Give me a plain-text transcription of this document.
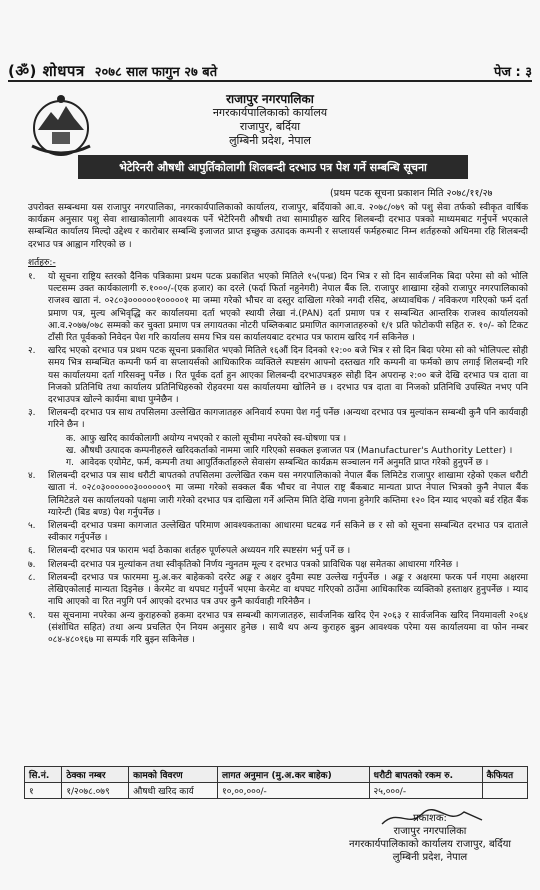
(ॐ) शोधपत्र २०७८ साल फागुन २७ बते	पेज : ३
राजापुर नगरपालिका
नगरकार्यपालिकाको कार्यालय
राजापुर, बर्दिया
लुम्बिनी प्रदेश, नेपाल
भेटेरिनरी औषधी आपुर्तिकोलागी शिलबन्दी दरभाउ पत्र पेश गर्ने सम्बन्धि सूचना
(प्रथम पटक सूचना प्रकाशन मिति २०७८/११/२७

उपरोक्त सम्बन्धमा यस राजापुर नगरपालिका, नगरकार्यपालिकाको कार्यालय, राजापुर, बर्दियाको आ.व. २०७८/०७९ को पशु सेवा तर्फको स्वीकृत वार्षिक कार्यक्रम अनुसार पशु सेवा शाखाकोलागी आवश्यक पर्ने भेटेरिनरी औषधी तथा सामाग्रीहरु खरिद शिलबन्दी दरभाउ पत्रको माध्यमबाट गर्नुपर्ने भएकाले सम्बन्धित कार्यालय मिल्दो उद्देश्य र कारोबार सम्बन्धि इजाजत प्राप्त इच्छुक उत्पादक कम्पनी र सप्लायर्स फर्महरुबाट निम्न शर्तहरुको अधिनमा रहि शिलबन्दी दरभाउ पत्र आह्वान गरिएको छ ।

शर्तहरु:-

१. यो सूचना राष्ट्रिय स्तरको दैनिक पत्रिकामा प्रथम पटक प्रकाशित भएको मितिले १५(पन्ध्र) दिन भित्र र सो दिन सार्वजनिक बिदा परेमा सो को भोलि पल्टसम्म उक्त कार्यकालागी रु.१०००/-(एक हजार) का दरले (फर्दा फिर्ता नहुनेगरी) नेपाल बैंक लि. राजापुर शाखामा रहेको राजापुर नगरपालिकाको राजश्व खाता नं. ०२८०३००००००१०००००१ मा जम्मा गरेको भौचर वा दस्तुर दाखिला गरेको नगदी रसिद, अध्यावधिक / नविकरण गरिएको फर्म दर्ता प्रमाण पत्र, मुल्य अभिवृद्धि कर कार्यालयमा दर्ता भएको स्थायी लेखा नं.(PAN) दर्ता प्रमाण पत्र र सम्बन्धित आन्तरिक राजश्व कार्यालयको आ.व.२०७७/०७८ सम्मको कर चुक्ता प्रमाण पत्र लगायतका नोटरी पब्लिकबाट प्रमाणित कागजातहरुको १/१ प्रति फोटोकपी सहित रु. १०/- को टिकट टाँसी रित पूर्वकको निवेदन पेश गरि कार्यालय समय भित्र यस कार्यालयबाट दरभाउ पत्र फाराम खरिद गर्न सकिनेछ ।
२. खरिद भएको दरभाउ पत्र प्रथम पटक सूचना प्रकाशित भएको मितिले १६औं दिन दिनको १२:०० बजे भित्र र सो दिन बिदा परेमा सो को भोलिपल्ट सोही समय भित्र सम्बन्धित कम्पनी फर्म वा सप्लायर्सको आधिकारिक व्यक्तिले स्पष्टसंग आफ्नो दस्तखत गरि कम्पनी वा फर्मको छाप लगाई शिलबन्दी गरि यस कार्यालयमा दर्ता गरिसक्नु पर्नेछ । रित पूर्वक दर्ता हुन आएका शिलबन्दी दरभाउपत्रहरु सोही दिन अपरान्ह २:०० बजे देखि दरभाउ पत्र दाता वा निजको प्रतिनिधि तथा कार्यालय प्रतिनिधिहरुको रोहवरमा यस कार्यालयमा खोलिने छ । दरभाउ पत्र दाता वा निजको प्रतिनिधि उपस्थित नभए पनि दरभाउपत्र खोल्ने कार्यमा बाधा पुग्नेछैन ।
३. शिलबन्दी दरभाउ पत्र साथ तपसिलमा उल्लेखित कागजातहरु अनिवार्य रुपमा पेश गर्नु पर्नेछ ।अन्यथा दरभाउ पत्र मुल्यांकन सम्बन्धी कुनै पनि कार्यवाही गरिने छैन ।
क. आफु खरिद कार्यकोलागी अयोग्य नभएको र कालो सूचीमा नपरेको स्व-घोषणा पत्र ।
ख. औषधी उत्पादक कम्पनीहरुले खरिदकर्ताको नाममा जारि गरिएको सक्कल इजाजत पत्र (Manufacturer's Authority Letter) ।
ग. आवेदक एयोमेट, फर्म, कम्पनी तथा आपुर्तिकर्ताहरुले सेवासंग सम्बन्धित कार्यक्रम सञ्चालन गर्ने अनुमति प्राप्त गरेको हुनुपर्ने छ ।
४. शिलबन्दी दरभाउ पत्र साथ धरौटी बापतको तपसिलमा उल्लेखित रकम यस नगरपालिकाको नेपाल बैंक लिमिटेड राजापुर शाखामा रहेको एकल धरौटी खाता नं. ०२८०३००००००३००००००९ मा जम्मा गरेको सक्कल बैंक भौचर वा नेपाल राष्ट्र बैंकबाट मान्यता प्राप्त नेपाल भित्रको कुनै नेपाल बैंक लिमिटेडले यस कार्यालयको पक्षमा जारी गरेको दरभाउ पत्र दाखिला गर्ने अन्तिम मिति देखि गणना हुनेगरि कम्तिमा १२० दिन म्याद भएको बर्ड रहित बैंक ग्यारेन्टी (बिड बण्ड) पेश गर्नुपर्नेछ ।
५. शिलबन्दी दरभाउ पत्रमा कागजात उल्लेखित परिमाण आवश्यकताका आधारमा घटबढ गर्न सकिने छ र सो को सूचना सम्बन्धित दरभाउ पत्र दाताले स्वीकार गर्नुपर्नेछ ।
६. शिलबन्दी दरभाउ पत्र फाराम भर्दा ठेकाका शर्तहरु पूर्णरुपले अध्ययन गरि स्पष्टसंग भर्नु पर्ने छ ।
७. शिलबन्दी दरभाउ पत्र मुल्यांकन तथा स्वीकृतिको निर्णय न्युनतम मूल्य र दरभाउ पत्रको प्राविधिक पक्ष समेतका आधारमा गरिनेछ ।
८. शिलबन्दी दरभाउ पत्र फारममा मु.अ.कर बाहेकको दररेट अङ्क र अक्षर दुवैमा स्पष्ट उल्लेख गर्नुपर्नेछ । अङ्क र अक्षरमा फरक पर्न गएमा अक्षरमा लेखिएकोलाई मान्यता दिइनेछ । केरमेट वा थपघट गर्नुपर्ने भएमा केरमेट वा थपघट गरिएको ठाउँमा आधिकारिक व्यक्तिको हस्ताक्षर हुनुपर्नेछ । म्याद नाघि आएको वा रित नपुगि पर्न आएको दरभाउ पत्र उपर कुनै कार्यवाही गरिनेछैन ।
९. यस सूचनामा नपरेका अन्य कुराहरुको हकमा दरभाउ पत्र सम्बन्धी कागजातहरु, सार्वजनिक खरिद ऐन २०६३ र सार्वजनिक खरिद नियमावली २०६४ (संशोधित सहित) तथा अन्य प्रचलित ऐन नियम अनुसार हुनेछ । साथै थप अन्य कुराहरु बुझ्न आवश्यक परेमा यस कार्यालयमा वा फोन नम्बर ०८४-४८०१६७ मा सम्पर्क गरि बुझ्न सकिनेछ ।
सि.नं.	ठेक्का नम्बर	कामको विवरण	लागत अनुमान (मु.अ.कर बाहेक)	धरौटी बापतको रकम रु.	कैफियत
१	१/२०७८.०७९	औषधी खरिद कार्य	१०,००,०००/-	२५,०००/-	
प्रकाशक:
राजापुर नगरपालिका
नगरकार्यपालिकाको कार्यालय राजापुर, बर्दिया
लुम्बिनी प्रदेश, नेपाल
